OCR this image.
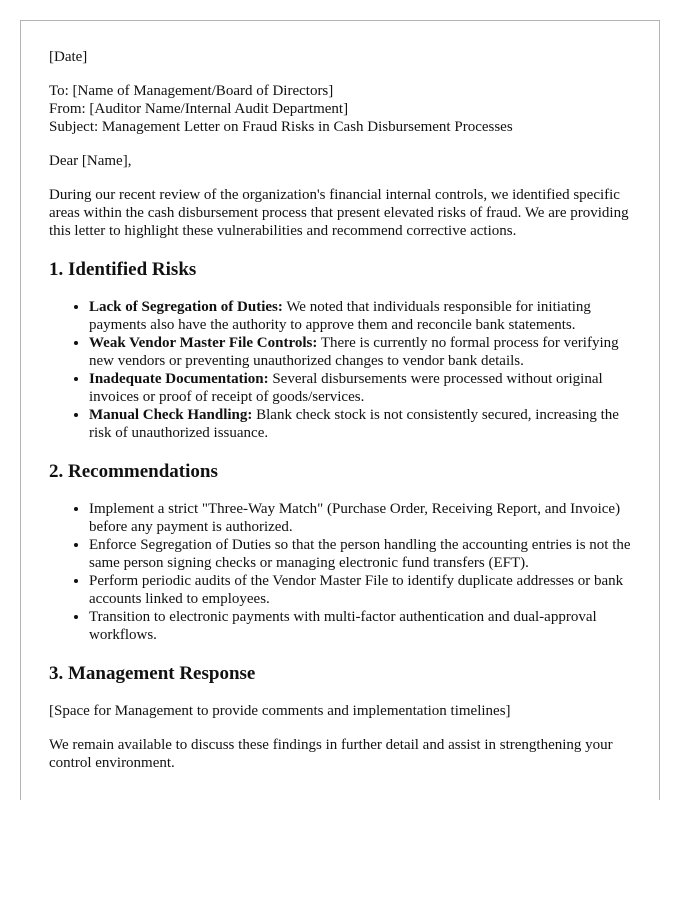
[Date]

To: [Name of Management/Board of Directors]

From: [Auditor Name/Internal Audit Department]

Subject: Management Letter on Fraud Risks in Cash Disbursement Processes

Dear [Name],

During our recent review of the organization's financial internal controls, we identified specific areas within the cash disbursement process that present elevated risks of fraud. We are providing this letter to highlight these vulnerabilities and recommend corrective actions.

1. Identified Risks
• Lack of Segregation of Duties: We noted that individuals responsible for initiating payments also have the authority to approve them and reconcile bank statements.
• Weak Vendor Master File Controls: There is currently no formal process for verifying new vendors or preventing unauthorized changes to vendor bank details.
• Inadequate Documentation: Several disbursements were processed without original invoices or proof of receipt of goods/services.
• Manual Check Handling: Blank check stock is not consistently secured, increasing the risk of unauthorized issuance.
2. Recommendations
• Implement a strict "Three-Way Match" (Purchase Order, Receiving Report, and Invoice) before any payment is authorized.
• Enforce Segregation of Duties so that the person handling the accounting entries is not the same person signing checks or managing electronic fund transfers (EFT).
• Perform periodic audits of the Vendor Master File to identify duplicate addresses or bank accounts linked to employees.
• Transition to electronic payments with multi-factor authentication and dual-approval workflows.
3. Management Response

[Space for Management to provide comments and implementation timelines]

We remain available to discuss these findings in further detail and assist in strengthening your control environment.
